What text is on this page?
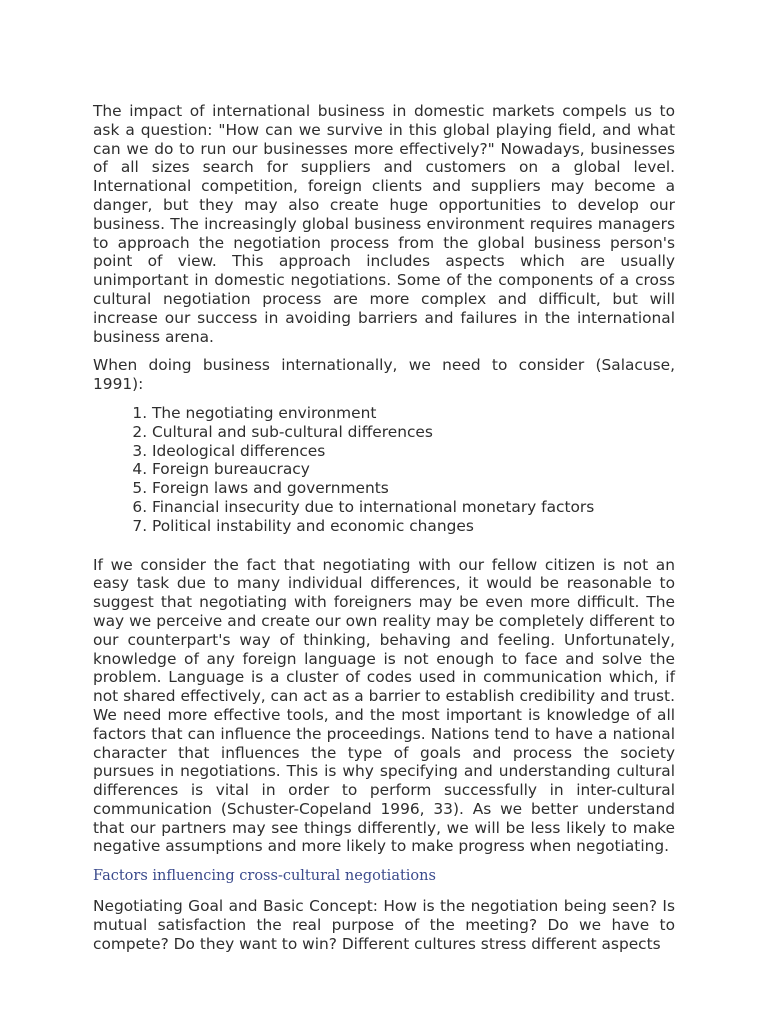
The impact of international business in domestic markets compels us to ask a question: "How can we survive in this global playing field, and what can we do to run our businesses more effectively?" Nowadays, businesses of all sizes search for suppliers and customers on a global level. International competition, foreign clients and suppliers may become a danger, but they may also create huge opportunities to develop our business. The increasingly global business environment requires managers to approach the negotiation process from the global business person's point of view. This approach includes aspects which are usually unimportant in domestic negotiations. Some of the components of a cross cultural negotiation process are more complex and difficult, but will increase our success in avoiding barriers and failures in the international business arena.

When doing business internationally, we need to consider (Salacuse, 1991):

1. The negotiating environment
2. Cultural and sub-cultural differences
3. Ideological differences
4. Foreign bureaucracy
5. Foreign laws and governments
6. Financial insecurity due to international monetary factors
7. Political instability and economic changes

If we consider the fact that negotiating with our fellow citizen is not an easy task due to many individual differences, it would be reasonable to suggest that negotiating with foreigners may be even more difficult. The way we perceive and create our own reality may be completely different to our counterpart's way of thinking, behaving and feeling. Unfortunately, knowledge of any foreign language is not enough to face and solve the problem. Language is a cluster of codes used in communication which, if not shared effectively, can act as a barrier to establish credibility and trust. We need more effective tools, and the most important is knowledge of all factors that can influence the proceedings. Nations tend to have a national character that influences the type of goals and process the society pursues in negotiations. This is why specifying and understanding cultural differences is vital in order to perform successfully in inter-cultural communication (Schuster-Copeland 1996, 33). As we better understand that our partners may see things differently, we will be less likely to make negative assumptions and more likely to make progress when negotiating.

Factors influencing cross-cultural negotiations

Negotiating Goal and Basic Concept: How is the negotiation being seen? Is mutual satisfaction the real purpose of the meeting? Do we have to compete? Do they want to win? Different cultures stress different aspects
